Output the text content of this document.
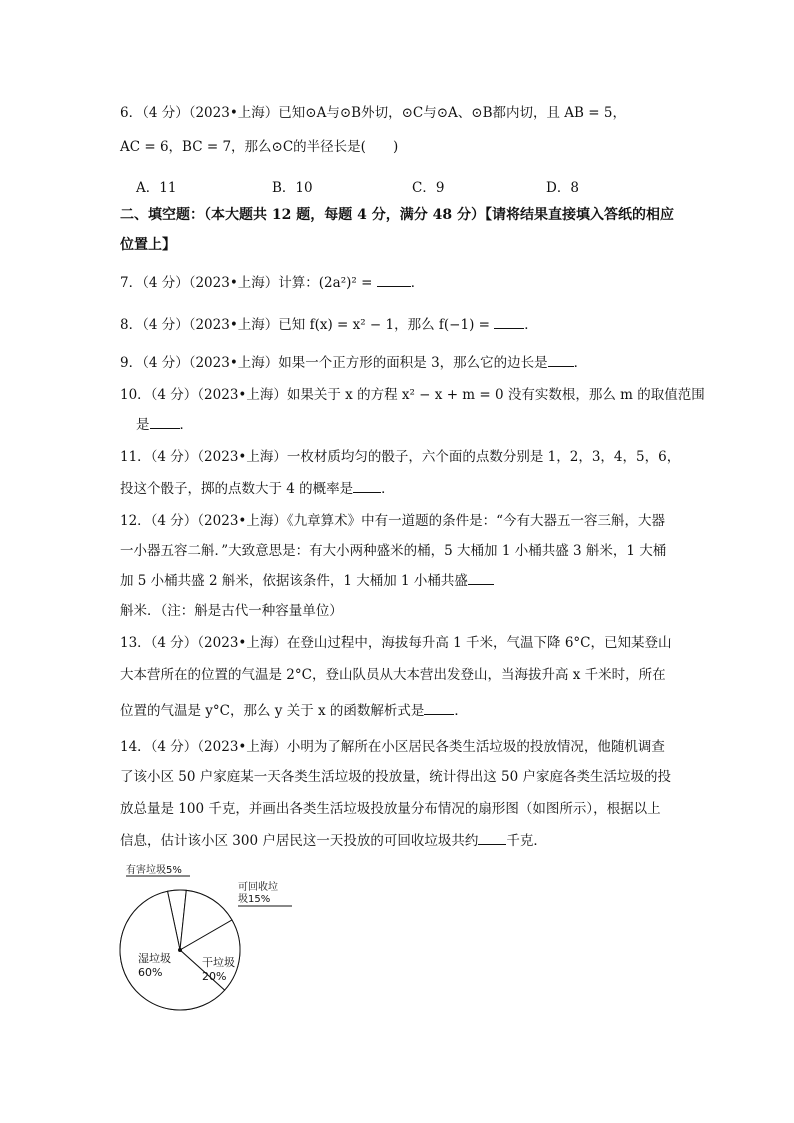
6．（4 分）（2023•上海）已知⊙A与⊙B外切，⊙C与⊙A、⊙B都内切，且 AB = 5，
AC = 6，BC = 7，那么⊙C的半径长是(　　)
A．11	B．10	C．9	D．8
二、填空题：（本大题共 12 题，每题 4 分，满分 48 分）【请将结果直接填入答纸的相应
位置上】
7．（4 分）（2023•上海）计算：(2a²)² =	．
8．（4 分）（2023•上海）已知 f(x) = x² − 1，那么 f(−1) = ．
9．（4 分）（2023•上海）如果一个正方形的面积是 3，那么它的边长是 ．
10．（4 分）（2023•上海）如果关于 x 的方程 x² − x + m = 0 没有实数根，那么 m 的取值范围
是 ．
11．（4 分）（2023•上海）一枚材质均匀的骰子，六个面的点数分别是 1，2，3，4，5，6，
投这个骰子，掷的点数大于 4 的概率是 ．
12．（4 分）（2023•上海）《九章算术》中有一道题的条件是：“今有大器五一容三斛，大器
一小器五容二斛．”大致意思是：有大小两种盛米的桶，5 大桶加 1 小桶共盛 3 斛米，1 大桶
加 5 小桶共盛 2 斛米，依据该条件，1 大桶加 1 小桶共盛
斛米．（注：斛是古代一种容量单位）
13．（4 分）（2023•上海）在登山过程中，海拔每升高 1 千米，气温下降 6°C，已知某登山
大本营所在的位置的气温是 2°C，登山队员从大本营出发登山，当海拔升高 x 千米时，所在
位置的气温是 y°C，那么 y 关于 x 的函数解析式是 ．
14．（4 分）（2023•上海）小明为了解所在小区居民各类生活垃圾的投放情况，他随机调查
了该小区 50 户家庭某一天各类生活垃圾的投放量，统计得出这 50 户家庭各类生活垃圾的投
放总量是 100 千克，并画出各类生活垃圾投放量分布情况的扇形图（如图所示），根据以上
信息，估计该小区 300 户居民这一天投放的可回收垃圾共约 千克．
有害垃圾5%
可回收垃
圾15%
干垃圾
20%
湿垃圾
60%
